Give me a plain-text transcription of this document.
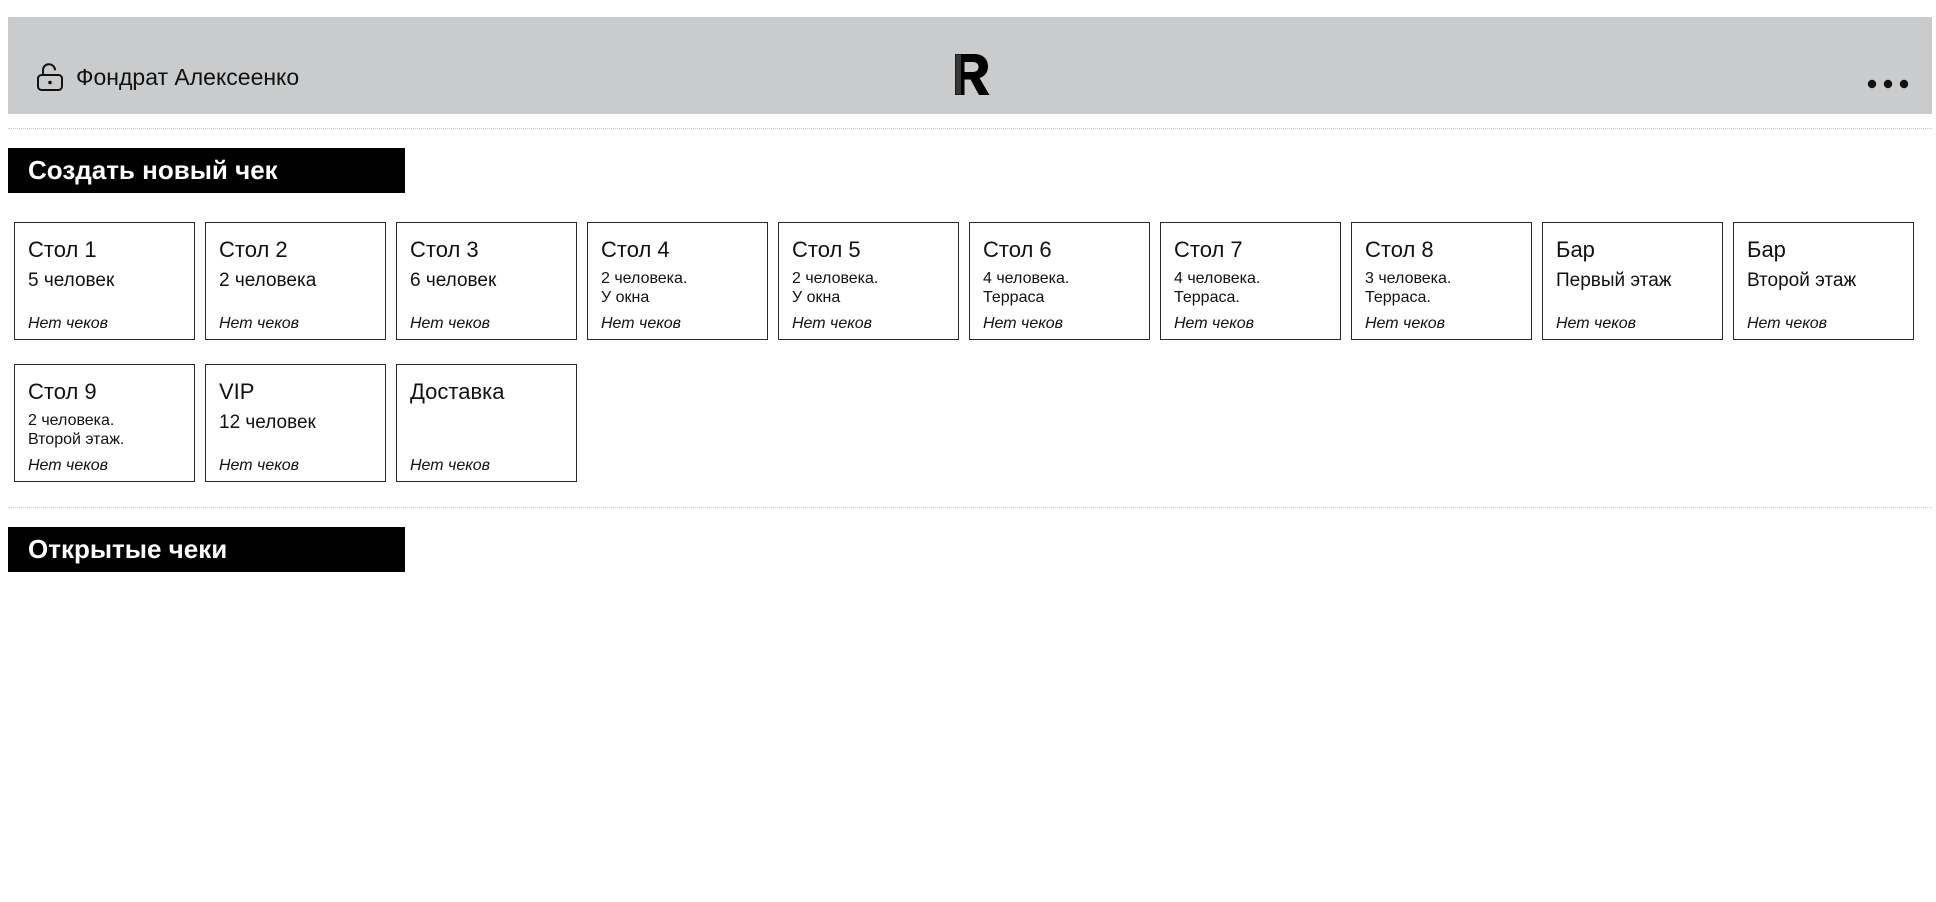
Фондрат Алексеенко
Создать новый чек
Стол 1
5 человек
Нет чеков
Стол 2
2 человека
Нет чеков
Стол 3
6 человек
Нет чеков
Стол 4
2 человека.
У окна
Нет чеков
Стол 5
2 человека.
У окна
Нет чеков
Стол 6
4 человека.
Терраса
Нет чеков
Стол 7
4 человека.
Терраса.
Нет чеков
Стол 8
3 человека.
Терраса.
Нет чеков
Бар
Первый этаж
Нет чеков
Бар
Второй этаж
Нет чеков
Стол 9
2 человека.
Второй этаж.
Нет чеков
VIP
12 человек
Нет чеков
Доставка
Нет чеков
Открытые чеки
